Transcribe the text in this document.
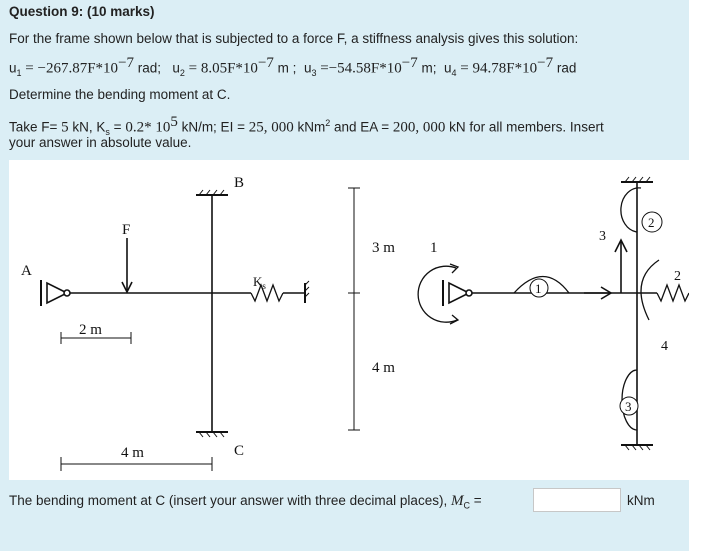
Question 9: (10 marks)
For the frame shown below that is subjected to a force F, a stiffness analysis gives this solution:
$u_1 = -267.87F*10^{-7}$ rad; $u_2 = 8.05F*10^{-7}$ m ; $u_3 =-54.58F*10^{-7}$ m; $u_4 = 94.78F*10^{-7}$ rad
Determine the bending moment at C.
Take F= 5 kN, $K_s = 0.2*$ $10^5$ kN/m; EI = 25, 000 kNm$^2$ and EA = 200, 000 kN for all members. Insert
your answer in absolute value.
B
F
A
$K_s$
C
2 m
4 m
3 m
4 m
1
1
2
2
3
3
4
The bending moment at C (insert your answer with three decimal places), $M_C$ =	kNm
